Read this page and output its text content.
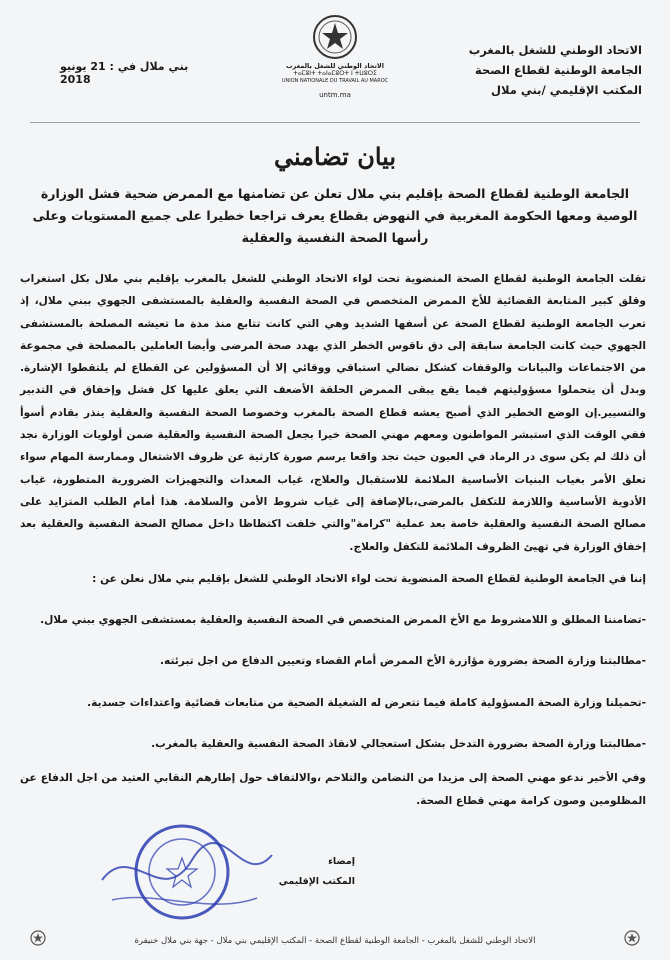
الاتحاد الوطني للشغل بالمغرب
الجامعة الوطنية لقطاع الصحة
المكتب الإقليمي /بني ملال
الاتحاد الوطني للشغل بالمغرب
ⵜⴰⵎⵓⵏⵜ ⵜⴰⵏⴰⵎⵓⵔⵜ ⵏ ⵜⵡⵓⵔⵉ
UNION NATIONALE DU TRAVAIL AU MAROC
untm.ma
بني ملال في : 21 يونيو 2018
بيان تضامني
الجامعة الوطنية لقطاع الصحة بإقليم بني ملال تعلن عن تضامنها مع الممرض ضحية فشل الوزارة الوصية ومعها الحكومة المغربية في النهوض بقطاع يعرف تراجعا خطيرا على جميع المستويات وعلى رأسها الصحة النفسية والعقلية

تقلت الجامعة الوطنية لقطاع الصحة المنضوية تحت لواء الاتحاد الوطني للشغل بالمغرب بإقليم بني ملال بكل استغراب وقلق كبير المتابعة القضائية للأخ الممرض المتخصص في الصحة النفسية والعقلية بالمستشفى الجهوي ببني ملال، إذ تعرب الجامعة الوطنية لقطاع الصحة عن أسفها الشديد وهي التي كانت تتابع منذ مدة ما تعيشه المصلحة بالمستشفى الجهوي حيث كانت الجامعة سابقة إلى دق ناقوس الخطر الذي يهدد صحة المرضى وأيضا العاملين بالمصلحة في مجموعة من الاجتماعات والبيانات والوقفات كشكل نضالي استباقي ووقائي إلا أن المسؤولين عن القطاع لم يلتقطوا الإشارة. وبدل أن يتحملوا مسؤوليتهم فيما يقع يبقى الممرض الحلقة الأضعف التي يعلق عليها كل فشل وإخفاق في التدبير والتسيير.إن الوضع الخطير الذي أصبح يعشه قطاع الصحة بالمغرب وخصوصا الصحة النفسية والعقلية ينذر بقادم أسوأ ففي الوقت الذي استبشر المواطنون ومعهم مهني الصحة خيرا بجعل الصحة النفسية والعقلية ضمن أولويات الوزارة نجد أن ذلك لم يكن سوى در الرماد في العيون حيث نجد واقعا يرسم صورة كارثية عن ظروف الاشتغال وممارسة المهام سواء تعلق الأمر بغياب البنيات الأساسية الملائمة للاستقبال والعلاج، غياب المعدات والتجهيزات الضرورية المتطورة، غياب الأدوية الأساسية واللازمة للتكفل بالمرضى،بالإضافة إلى غياب شروط الأمن والسلامة. هذا أمام الطلب المتزايد على مصالح الصحة النفسية والعقلية خاصة بعد عملية "كرامة"والتي خلفت اكتظاظا داخل مصالح الصحة النفسية والعقلية بعد إخفاق الوزارة في تهيئ الظروف الملائمة للتكفل والعلاج.

إننا في الجامعة الوطنية لقطاع الصحة المنضوية تحت لواء الاتحاد الوطني للشغل بإقليم بني ملال نعلن عن :

-تضامننا المطلق و اللامشروط مع الأخ الممرض المتخصص في الصحة النفسية والعقلية بمستشفى الجهوي ببني ملال.

-مطالبتنا وزارة الصحة بضرورة مؤازرة الأخ الممرض أمام القضاء وتعيين الدفاع من اجل تبرئته.

-تحميلنا وزارة الصحة المسؤولية كاملة فيما تتعرض له الشغيلة الصحية من متابعات قضائية واعتداءات جسدية.

-مطالبتنا وزارة الصحة بضرورة التدخل بشكل استعجالي لانقاذ الصحة النفسية والعقلية بالمغرب.

وفي الأخير ندعو مهني الصحة إلى مزيدا من التضامن والتلاحم ،والالتفاف حول إطارهم النقابي العتيد من اجل الدفاع عن المظلومين وصون كرامة مهني قطاع الصحة.

إمضاء
المكتب الإقليمي
الاتحاد الوطني للشغل بالمغرب - الجامعة الوطنية لقطاع الصحة - المكتب الإقليمي بني ملال - جهة بني ملال خنيفرة
